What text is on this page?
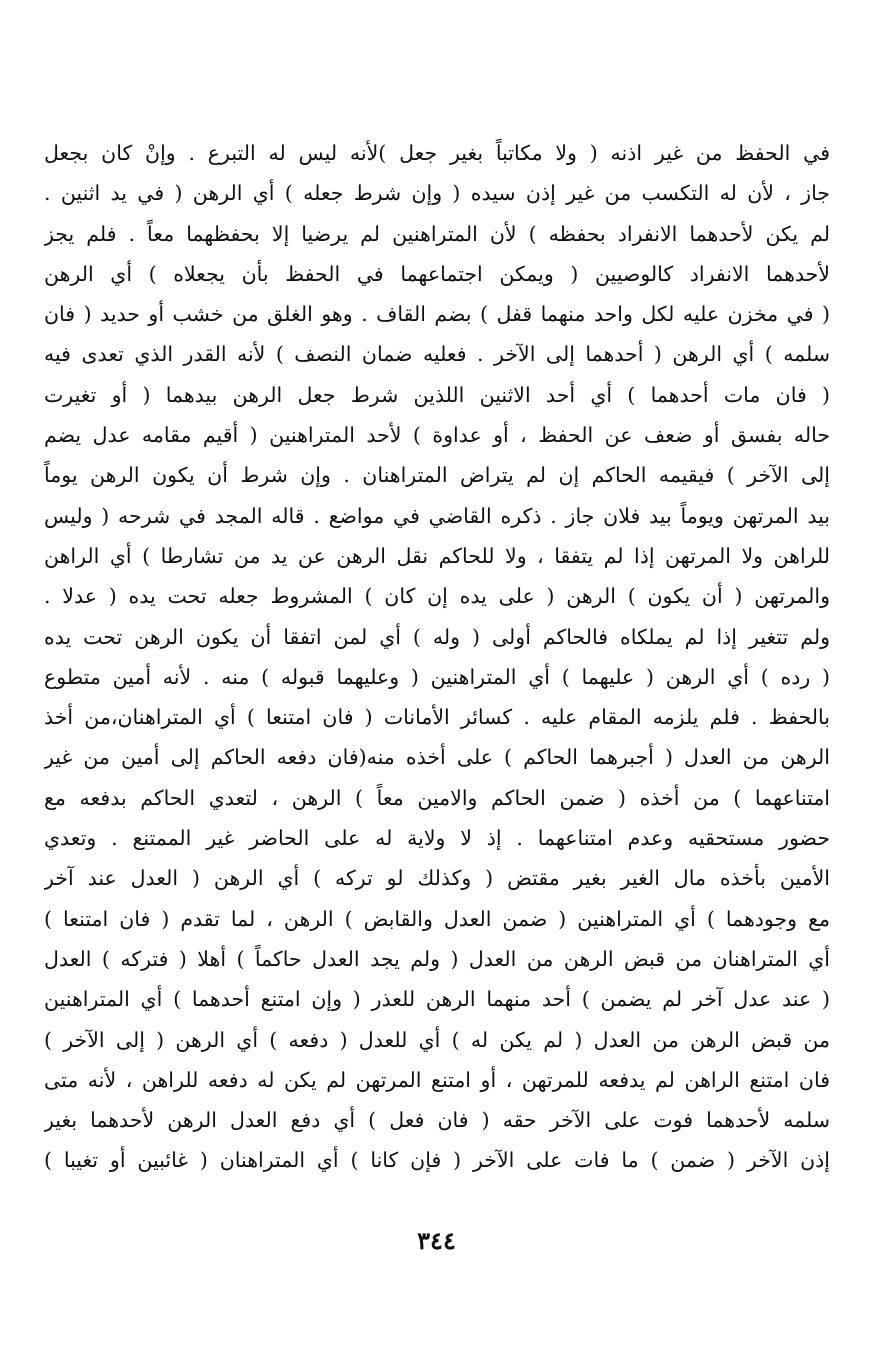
في الحفظ من غير اذنه ( ولا مكاتباً بغير جعل )لأنه ليس له التبرع . وإنْ كان بجعل
جاز ، لأن له التكسب من غير إذن سيده ( وإن شرط جعله ) أي الرهن ( في يد اثنين .
لم يكن لأحدهما الانفراد بحفظه ) لأن المتراهنين لم يرضيا إلا بحفظهما معاً . فلم يجز
لأحدهما الانفراد كالوصيين ( ويمكن اجتماعهما في الحفظ بأن يجعلاه ) أي الرهن
( في مخزن عليه لكل واحد منهما قفل ) بضم القاف . وهو الغلق من خشب أو حديد ( فان
سلمه ) أي الرهن ( أحدهما إلى الآخر . فعليه ضمان النصف ) لأنه القدر الذي تعدى فيه
( فان مات أحدهما ) أي أحد الاثنين اللذين شرط جعل الرهن بيدهما ( أو تغيرت
حاله بفسق أو ضعف عن الحفظ ، أو عداوة ) لأحد المتراهنين ( أقيم مقامه عدل يضم
إلى الآخر ) فيقيمه الحاكم إن لم يتراض المتراهنان . وإن شرط أن يكون الرهن يوماً
بيد المرتهن ويوماً بيد فلان جاز . ذكره القاضي في مواضع . قاله المجد في شرحه ( وليس
للراهن ولا المرتهن إذا لم يتفقا ، ولا للحاكم نقل الرهن عن يد من تشارطا ) أي الراهن
والمرتهن ( أن يكون ) الرهن ( على يده إن كان ) المشروط جعله تحت يده ( عدلا .
ولم تتغير إذا لم يملكاه فالحاكم أولى ( وله ) أي لمن اتفقا أن يكون الرهن تحت يده
( رده ) أي الرهن ( عليهما ) أي المتراهنين ( وعليهما قبوله ) منه . لأنه أمين متطوع
بالحفظ . فلم يلزمه المقام عليه . كسائر الأمانات ( فان امتنعا ) أي المتراهنان،من أخذ
الرهن من العدل ( أجبرهما الحاكم ) على أخذه منه(فان دفعه الحاكم إلى أمين من غير
امتناعهما ) من أخذه ( ضمن الحاكم والامين معاً ) الرهن ، لتعدي الحاكم بدفعه مع
حضور مستحقيه وعدم امتناعهما . إذ لا ولاية له على الحاضر غير الممتنع . وتعدي
الأمين بأخذه مال الغير بغير مقتض ( وكذلك لو تركه ) أي الرهن ( العدل عند آخر
مع وجودهما ) أي المتراهنين ( ضمن العدل والقابض ) الرهن ، لما تقدم ( فان امتنعا )
أي المتراهنان من قبض الرهن من العدل ( ولم يجد العدل حاكماً ) أهلا ( فتركه ) العدل
( عند عدل آخر لم يضمن ) أحد منهما الرهن للعذر ( وإن امتنع أحدهما ) أي المتراهنين
من قبض الرهن من العدل ( لم يكن له ) أي للعدل ( دفعه ) أي الرهن ( إلى الآخر )
فان امتنع الراهن لم يدفعه للمرتهن ، أو امتنع المرتهن لم يكن له دفعه للراهن ، لأنه متى
سلمه لأحدهما فوت على الآخر حقه ( فان فعل ) أي دفع العدل الرهن لأحدهما بغير
إذن الآخر ( ضمن ) ما فات على الآخر ( فإن كانا ) أي المتراهنان ( غائبين أو تغيبا )
٣٤٤
